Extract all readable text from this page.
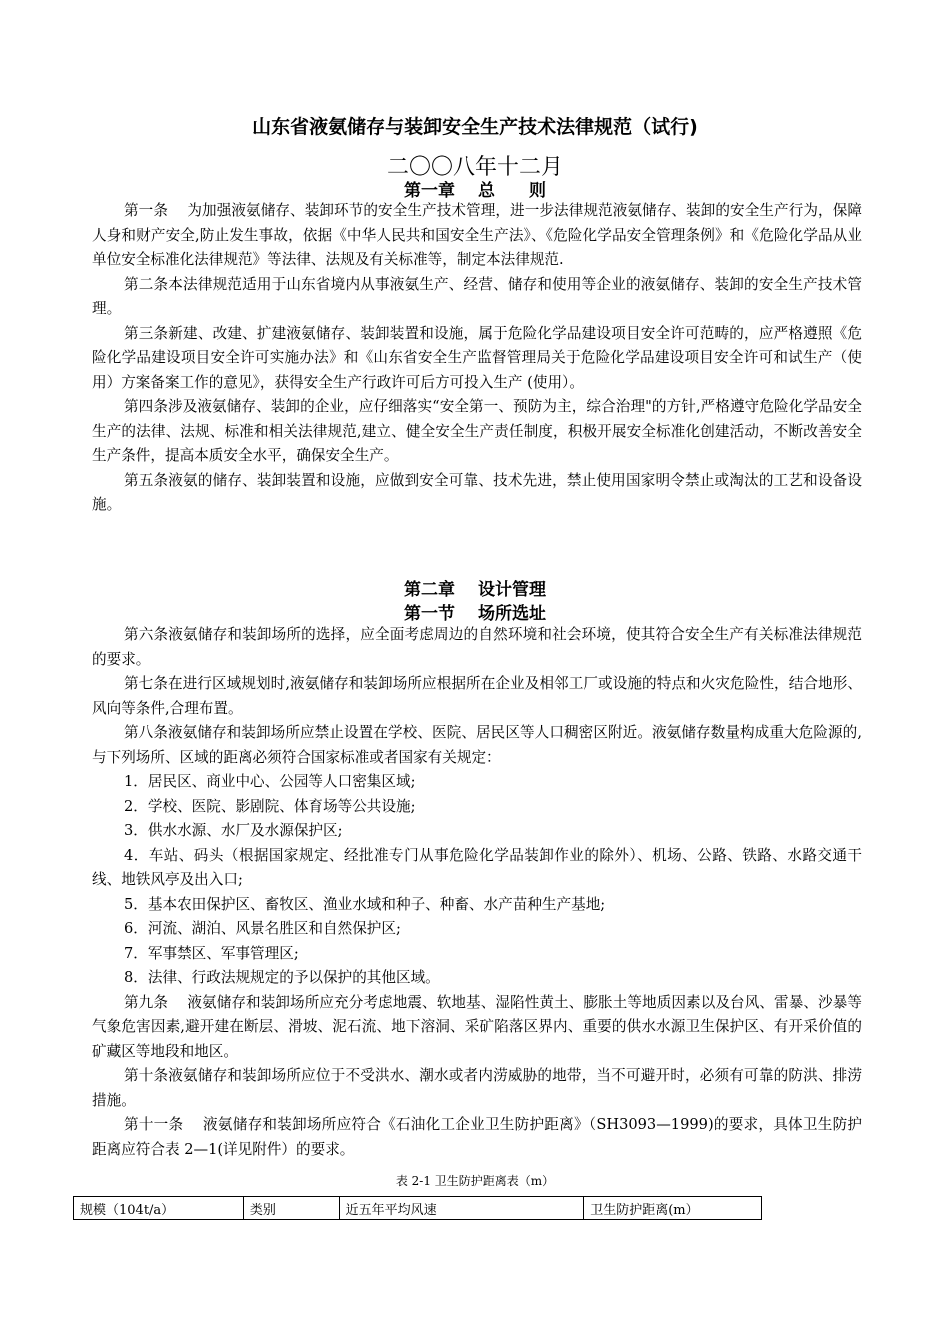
山东省液氨储存与装卸安全生产技术法律规范（试行)
二〇〇八年十二月
第一章　 总　　则

第一条　 为加强液氨储存、装卸环节的安全生产技术管理，进一步法律规范液氨储存、装卸的安全生产行为，保障人身和财产安全,防止发生事故，依据《中华人民共和国安全生产法》、《危险化学品安全管理条例》和《危险化学品从业单位安全标准化法律规范》等法律、法规及有关标准等，制定本法律规范.

第二条本法律规范适用于山东省境内从事液氨生产、经营、储存和使用等企业的液氨储存、装卸的安全生产技术管理。

第三条新建、改建、扩建液氨储存、装卸装置和设施，属于危险化学品建设项目安全许可范畴的，应严格遵照《危险化学品建设项目安全许可实施办法》和《山东省安全生产监督管理局关于危险化学品建设项目安全许可和试生产（使用）方案备案工作的意见》，获得安全生产行政许可后方可投入生产 (使用）。

第四条涉及液氨储存、装卸的企业，应仔细落实“安全第一、预防为主，综合治理"的方针,严格遵守危险化学品安全生产的法律、法规、标准和相关法律规范,建立、健全安全生产责任制度，积极开展安全标准化创建活动，不断改善安全生产条件，提高本质安全水平，确保安全生产。

第五条液氨的储存、装卸装置和设施，应做到安全可靠、技术先进，禁止使用国家明令禁止或淘汰的工艺和设备设施。

第二章　 设计管理
第一节　 场所选址

第六条液氨储存和装卸场所的选择，应全面考虑周边的自然环境和社会环境，使其符合安全生产有关标准法律规范的要求。

第七条在进行区域规划时,液氨储存和装卸场所应根据所在企业及相邻工厂或设施的特点和火灾危险性，结合地形、风向等条件,合理布置。

第八条液氨储存和装卸场所应禁止设置在学校、医院、居民区等人口稠密区附近。液氨储存数量构成重大危险源的,与下列场所、区域的距离必须符合国家标准或者国家有关规定：

1．居民区、商业中心、公园等人口密集区域;

2．学校、医院、影剧院、体育场等公共设施;

3．供水水源、水厂及水源保护区;

4．车站、码头（根据国家规定、经批准专门从事危险化学品装卸作业的除外）、机场、公路、铁路、水路交通干线、地铁风亭及出入口;

5．基本农田保护区、畜牧区、渔业水域和种子、种畜、水产苗种生产基地;

6．河流、湖泊、风景名胜区和自然保护区;

7．军事禁区、军事管理区;

8．法律、行政法规规定的予以保护的其他区域。

第九条　 液氨储存和装卸场所应充分考虑地震、软地基、湿陷性黄土、膨胀土等地质因素以及台风、雷暴、沙暴等气象危害因素,避开建在断层、滑坡、泥石流、地下溶洞、采矿陷落区界内、重要的供水水源卫生保护区、有开采价值的矿藏区等地段和地区。

第十条液氨储存和装卸场所应位于不受洪水、潮水或者内涝威胁的地带，当不可避开时，必须有可靠的防洪、排涝措施。

第十一条　 液氨储存和装卸场所应符合《石油化工企业卫生防护距离》（SH3093—1999)的要求，具体卫生防护距离应符合表 2—1(详见附件）的要求。

表 2-1 卫生防护距离表（m）
规模（104t/a）	类别	近五年平均风速	卫生防护距离(m）
